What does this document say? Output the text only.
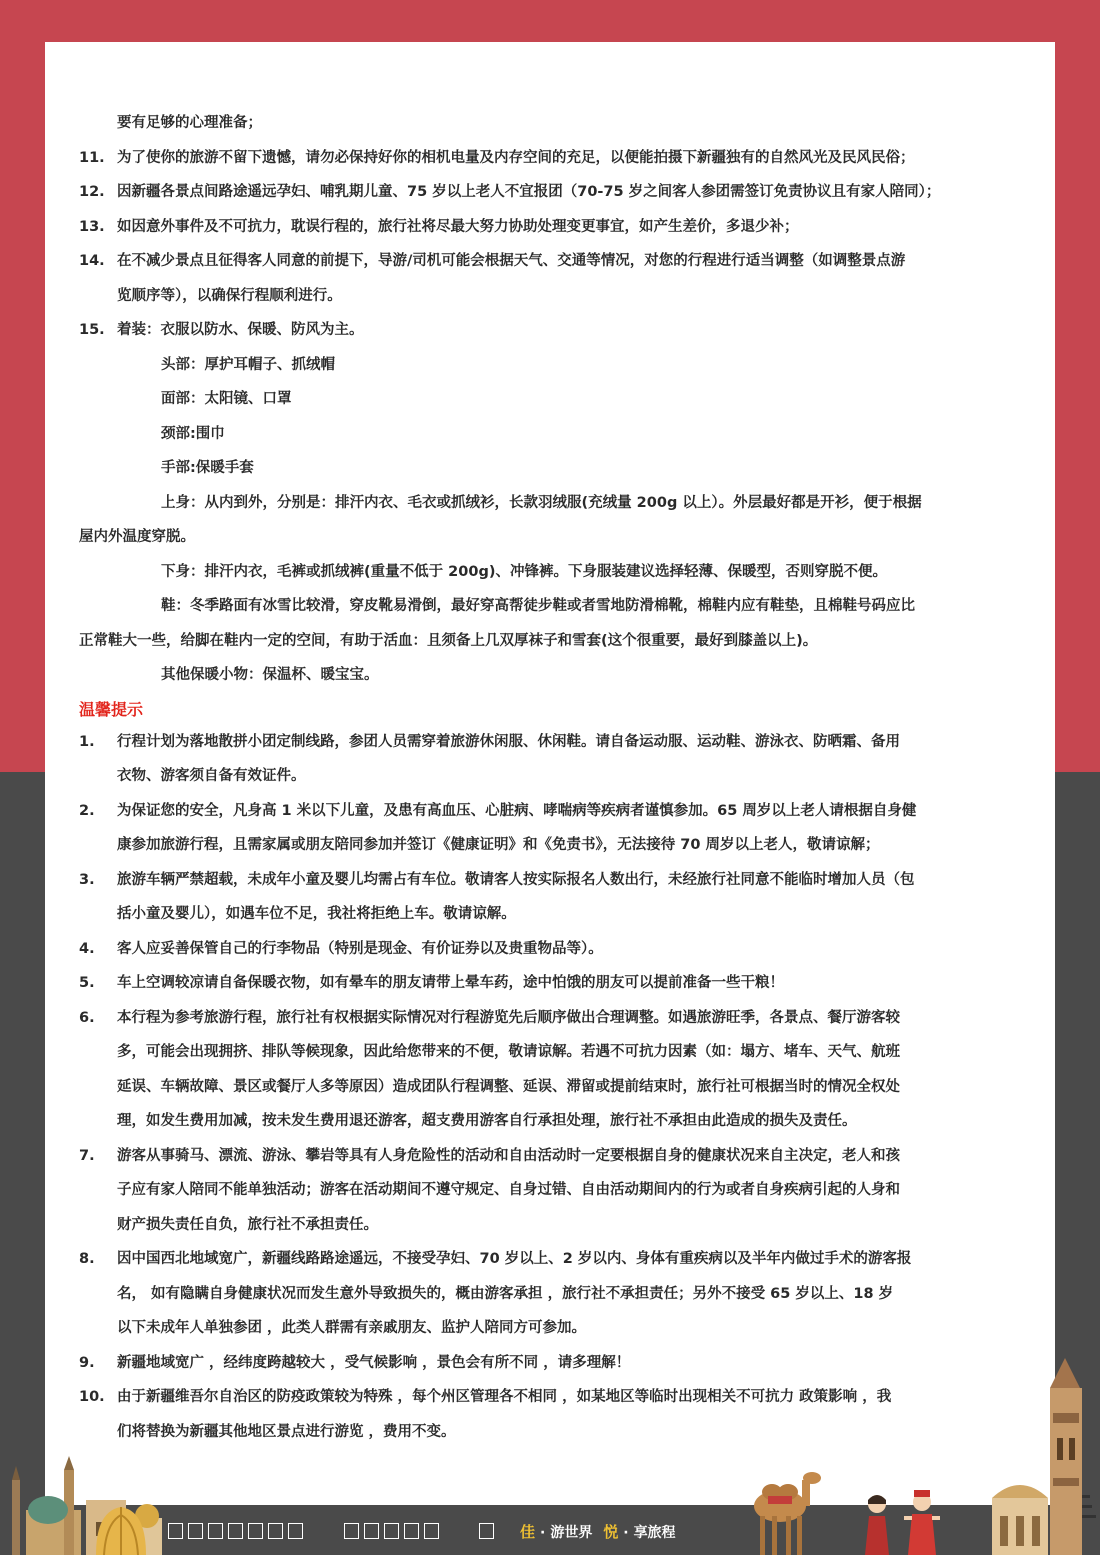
要有足够的心理准备；
11. 为了使你的旅游不留下遗憾，请勿必保持好你的相机电量及内存空间的充足，以便能拍摄下新疆独有的自然风光及民风民俗；
12. 因新疆各景点间路途遥远孕妇、哺乳期儿童、75 岁以上老人不宜报团（70-75 岁之间客人参团需签订免责协议且有家人陪同）；
13. 如因意外事件及不可抗力，耽误行程的，旅行社将尽最大努力协助处理变更事宜，如产生差价，多退少补；
14. 在不减少景点且征得客人同意的前提下，导游/司机可能会根据天气、交通等情况，对您的行程进行适当调整（如调整景点游
览顺序等），以确保行程顺利进行。
15. 着装：衣服以防水、保暖、防风为主。
头部：厚护耳帽子、抓绒帽
面部：太阳镜、口罩
颈部:围巾
手部:保暖手套
上身：从内到外，分别是：排汗内衣、毛衣或抓绒衫，长款羽绒服(充绒量 200g 以上）。外层最好都是开衫，便于根据
屋内外温度穿脱。
下身：排汗内衣，毛裤或抓绒裤(重量不低于 200g)、冲锋裤。下身服装建议选择轻薄、保暖型，否则穿脱不便。
鞋：冬季路面有冰雪比较滑，穿皮靴易滑倒，最好穿高帮徒步鞋或者雪地防滑棉靴，棉鞋内应有鞋垫，且棉鞋号码应比
正常鞋大一些，给脚在鞋内一定的空间，有助于活血：且须备上几双厚袜子和雪套(这个很重要，最好到膝盖以上)。
其他保暖小物：保温杯、暖宝宝。
温馨提示
1.	行程计划为落地散拼小团定制线路，参团人员需穿着旅游休闲服、休闲鞋。请自备运动服、运动鞋、游泳衣、防晒霜、备用
衣物、游客须自备有效证件。
2.	为保证您的安全，凡身高 1 米以下儿童，及患有高血压、心脏病、哮喘病等疾病者谨慎参加。65 周岁以上老人请根据自身健
康参加旅游行程，且需家属或朋友陪同参加并签订《健康证明》和《免责书》，无法接待 70 周岁以上老人，敬请谅解；
3.	旅游车辆严禁超载，未成年小童及婴儿均需占有车位。敬请客人按实际报名人数出行，未经旅行社同意不能临时增加人员（包
括小童及婴儿），如遇车位不足，我社将拒绝上车。敬请谅解。
4.	客人应妥善保管自己的行李物品（特别是现金、有价证券以及贵重物品等）。
5.	车上空调较凉请自备保暖衣物，如有晕车的朋友请带上晕车药，途中怕饿的朋友可以提前准备一些干粮！
6.	本行程为参考旅游行程，旅行社有权根据实际情况对行程游览先后顺序做出合理调整。如遇旅游旺季，各景点、餐厅游客较
多，可能会出现拥挤、排队等候现象，因此给您带来的不便，敬请谅解。若遇不可抗力因素（如：塌方、堵车、天气、航班
延误、车辆故障、景区或餐厅人多等原因）造成团队行程调整、延误、滞留或提前结束时，旅行社可根据当时的情况全权处
理，如发生费用加减，按未发生费用退还游客，超支费用游客自行承担处理，旅行社不承担由此造成的损失及责任。
7.	游客从事骑马、漂流、游泳、攀岩等具有人身危险性的活动和自由活动时一定要根据自身的健康状况来自主决定，老人和孩
子应有家人陪同不能单独活动；游客在活动期间不遵守规定、自身过错、自由活动期间内的行为或者自身疾病引起的人身和
财产损失责任自负，旅行社不承担责任。
8.	因中国西北地域宽广，新疆线路路途遥远，不接受孕妇、70 岁以上、2 岁以内、身体有重疾病以及半年内做过手术的游客报
名， 如有隐瞒自身健康状况而发生意外导致损失的，概由游客承担 ，旅行社不承担责任；另外不接受 65 岁以上、18 岁
以下未成年人单独参团 ，此类人群需有亲戚朋友、监护人陪同方可参加。
9.	新疆地域宽广 ，经纬度跨越较大 ，受气候影响 ，景色会有所不同 ，请多理解！
10. 由于新疆维吾尔自治区的防疫政策较为特殊 ，每个州区管理各不相同 ，如某地区等临时出现相关不可抗力 政策影响 ，我
们将替换为新疆其他地区景点进行游览 ，费用不变。

佳 · 游世界 悦 · 享旅程
